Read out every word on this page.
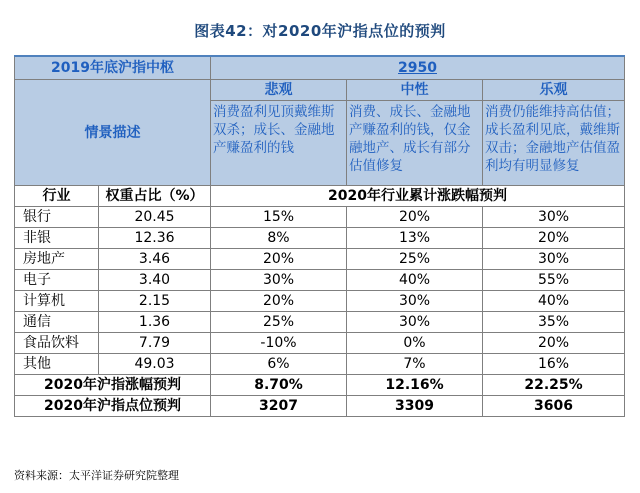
图表42：对2020年沪指点位的预判
2019年底沪指中枢		2950		
情景描述		悲观	中性	乐观
		消费盈利见顶戴维斯双杀；成长、金融地产赚盈利的钱	消费、成长、金融地产赚盈利的钱，仅金融地产、成长有部分估值修复	消费仍能维持高估值；成长盈利见底，戴维斯双击；金融地产估值盈利均有明显修复
行业	权重占比（%）	2020年行业累计涨跌幅预判		
银行	20.45	15%	20%	30%
非银	12.36	8%	13%	20%
房地产	3.46	20%	25%	30%
电子	3.40	30%	40%	55%
计算机	2.15	20%	30%	40%
通信	1.36	25%	30%	35%
食品饮料	7.79	-10%	0%	20%
其他	49.03	6%	7%	16%
2020年沪指涨幅预判		8.70%	12.16%	22.25%
2020年沪指点位预判		3207	3309	3606
资料来源：太平洋证券研究院整理
